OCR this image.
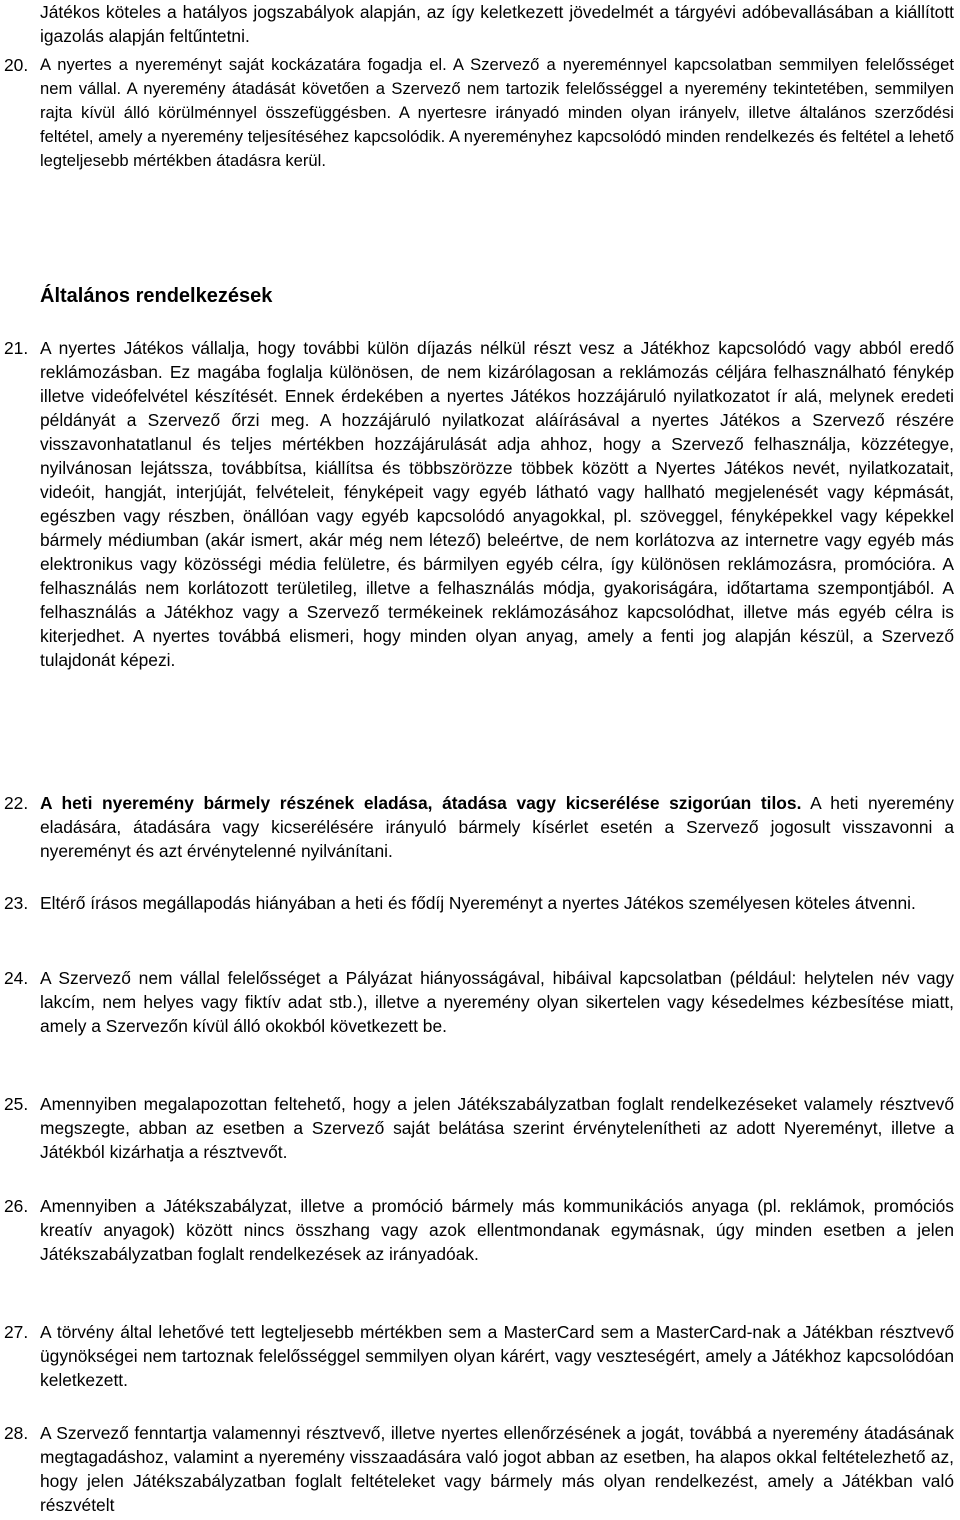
Játékos köteles a hatályos jogszabályok alapján, az így keletkezett jövedelmét a tárgyévi adóbevallásában a kiállított igazolás alapján feltűntetni.

20. A nyertes a nyereményt saját kockázatára fogadja el. A Szervező a nyereménnyel kapcsolatban semmilyen felelősséget nem vállal. A nyeremény átadását követően a Szervező nem tartozik felelősséggel a nyeremény tekintetében, semmilyen rajta kívül álló körülménnyel összefüggésben. A nyertesre irányadó minden olyan irányelv, illetve általános szerződési feltétel, amely a nyeremény teljesítéséhez kapcsolódik. A nyereményhez kapcsolódó minden rendelkezés és feltétel a lehető legteljesebb mértékben átadásra kerül.

Általános rendelkezések
21. A nyertes Játékos vállalja, hogy további külön díjazás nélkül részt vesz a Játékhoz kapcsolódó vagy abból eredő reklámozásban. Ez magába foglalja különösen, de nem kizárólagosan a reklámozás céljára felhasználható fénykép illetve videófelvétel készítését. Ennek érdekében a nyertes Játékos hozzájáruló nyilatkozatot ír alá, melynek eredeti példányát a Szervező őrzi meg. A hozzájáruló nyilatkozat aláírásával a nyertes Játékos a Szervező részére visszavonhatatlanul és teljes mértékben hozzájárulását adja ahhoz, hogy a Szervező felhasználja, közzétegye, nyilvánosan lejátssza, továbbítsa, kiállítsa és többszörözze többek között a Nyertes Játékos nevét, nyilatkozatait, videóit, hangját, interjúját, felvételeit, fényképeit vagy egyéb látható vagy hallható megjelenését vagy képmását, egészben vagy részben, önállóan vagy egyéb kapcsolódó anyagokkal, pl. szöveggel, fényképekkel vagy képekkel bármely médiumban (akár ismert, akár még nem létező) beleértve, de nem korlátozva az internetre vagy egyéb más elektronikus vagy közösségi média felületre, és bármilyen egyéb célra, így különösen reklámozásra, promócióra. A felhasználás nem korlátozott területileg, illetve a felhasználás módja, gyakoriságára, időtartama szempontjából. A felhasználás a Játékhoz vagy a Szervező termékeinek reklámozásához kapcsolódhat, illetve más egyéb célra is kiterjedhet. A nyertes továbbá elismeri, hogy minden olyan anyag, amely a fenti jog alapján készül, a Szervező tulajdonát képezi.

22. A heti nyeremény bármely részének eladása, átadása vagy kicserélése szigorúan tilos. A heti nyeremény eladására, átadására vagy kicserélésére irányuló bármely kísérlet esetén a Szervező jogosult visszavonni a nyereményt és azt érvénytelenné nyilvánítani.

23. Eltérő írásos megállapodás hiányában a heti és fődíj Nyereményt a nyertes Játékos személyesen köteles átvenni.

24. A Szervező nem vállal felelősséget a Pályázat hiányosságával, hibáival kapcsolatban (például: helytelen név vagy lakcím, nem helyes vagy fiktív adat stb.), illetve a nyeremény olyan sikertelen vagy késedelmes kézbesítése miatt, amely a Szervezőn kívül álló okokból következett be.

25. Amennyiben megalapozottan feltehető, hogy a jelen Játékszabályzatban foglalt rendelkezéseket valamely résztvevő megszegte, abban az esetben a Szervező saját belátása szerint érvénytelenítheti az adott Nyereményt, illetve a Játékból kizárhatja a résztvevőt.

26. Amennyiben a Játékszabályzat, illetve a promóció bármely más kommunikációs anyaga (pl. reklámok, promóciós kreatív anyagok) között nincs összhang vagy azok ellentmondanak egymásnak, úgy minden esetben a jelen Játékszabályzatban foglalt rendelkezések az irányadóak.

27. A törvény által lehetővé tett legteljesebb mértékben sem a MasterCard sem a MasterCard-nak a Játékban résztvevő ügynökségei nem tartoznak felelősséggel semmilyen olyan kárért, vagy veszteségért, amely a Játékhoz kapcsolódóan keletkezett.

28. A Szervező fenntartja valamennyi résztvevő, illetve nyertes ellenőrzésének a jogát, továbbá a nyeremény átadásának megtagadáshoz, valamint a nyeremény visszaadására való jogot abban az esetben, ha alapos okkal feltételezhető az, hogy jelen Játékszabályzatban foglalt feltételeket vagy bármely más olyan rendelkezést, amely a Játékban való részvételt
